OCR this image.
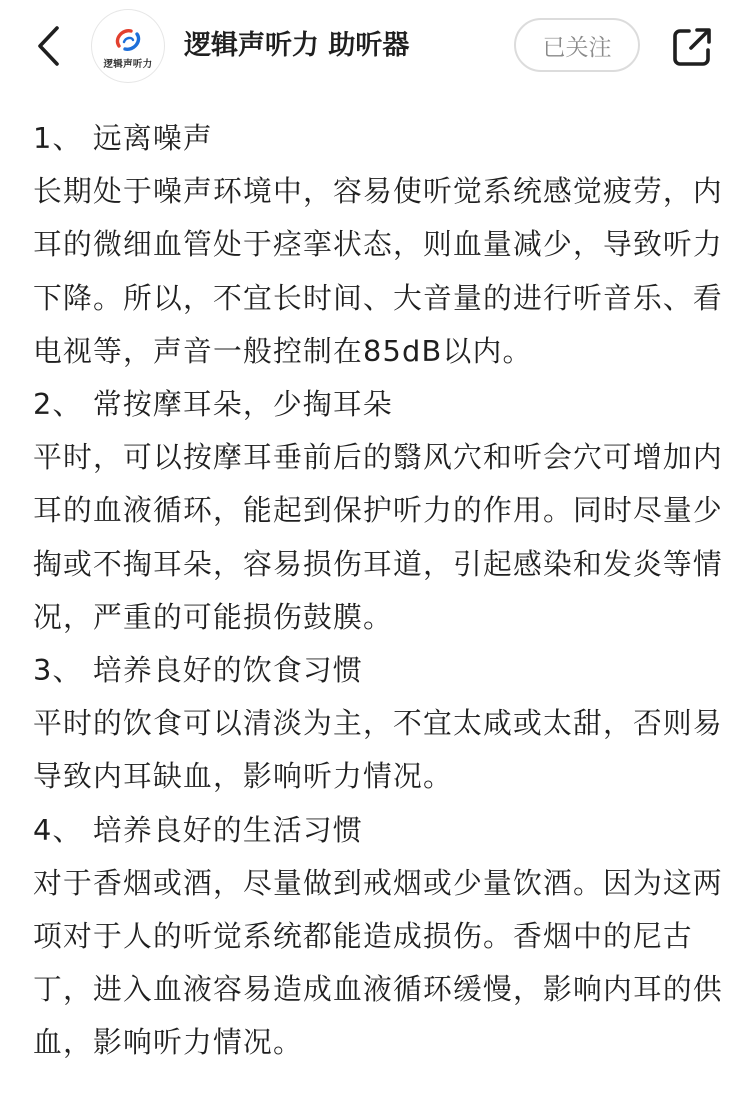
逻辑声听力
逻辑声听力 助听器	已关注

1、 远离噪声

长期处于噪声环境中，容易使听觉系统感觉疲劳，内耳的微细血管处于痉挛状态，则血量减少，导致听力下降。所以，不宜长时间、大音量的进行听音乐、看电视等，声音一般控制在85dB以内。

2、 常按摩耳朵，少掏耳朵

平时，可以按摩耳垂前后的翳风穴和听会穴可增加内耳的血液循环，能起到保护听力的作用。同时尽量少掏或不掏耳朵，容易损伤耳道，引起感染和发炎等情况，严重的可能损伤鼓膜。

3、 培养良好的饮食习惯

平时的饮食可以清淡为主，不宜太咸或太甜，否则易导致内耳缺血，影响听力情况。

4、 培养良好的生活习惯

对于香烟或酒，尽量做到戒烟或少量饮酒。因为这两项对于人的听觉系统都能造成损伤。香烟中的尼古丁，进入血液容易造成血液循环缓慢，影响内耳的供血，影响听力情况。
